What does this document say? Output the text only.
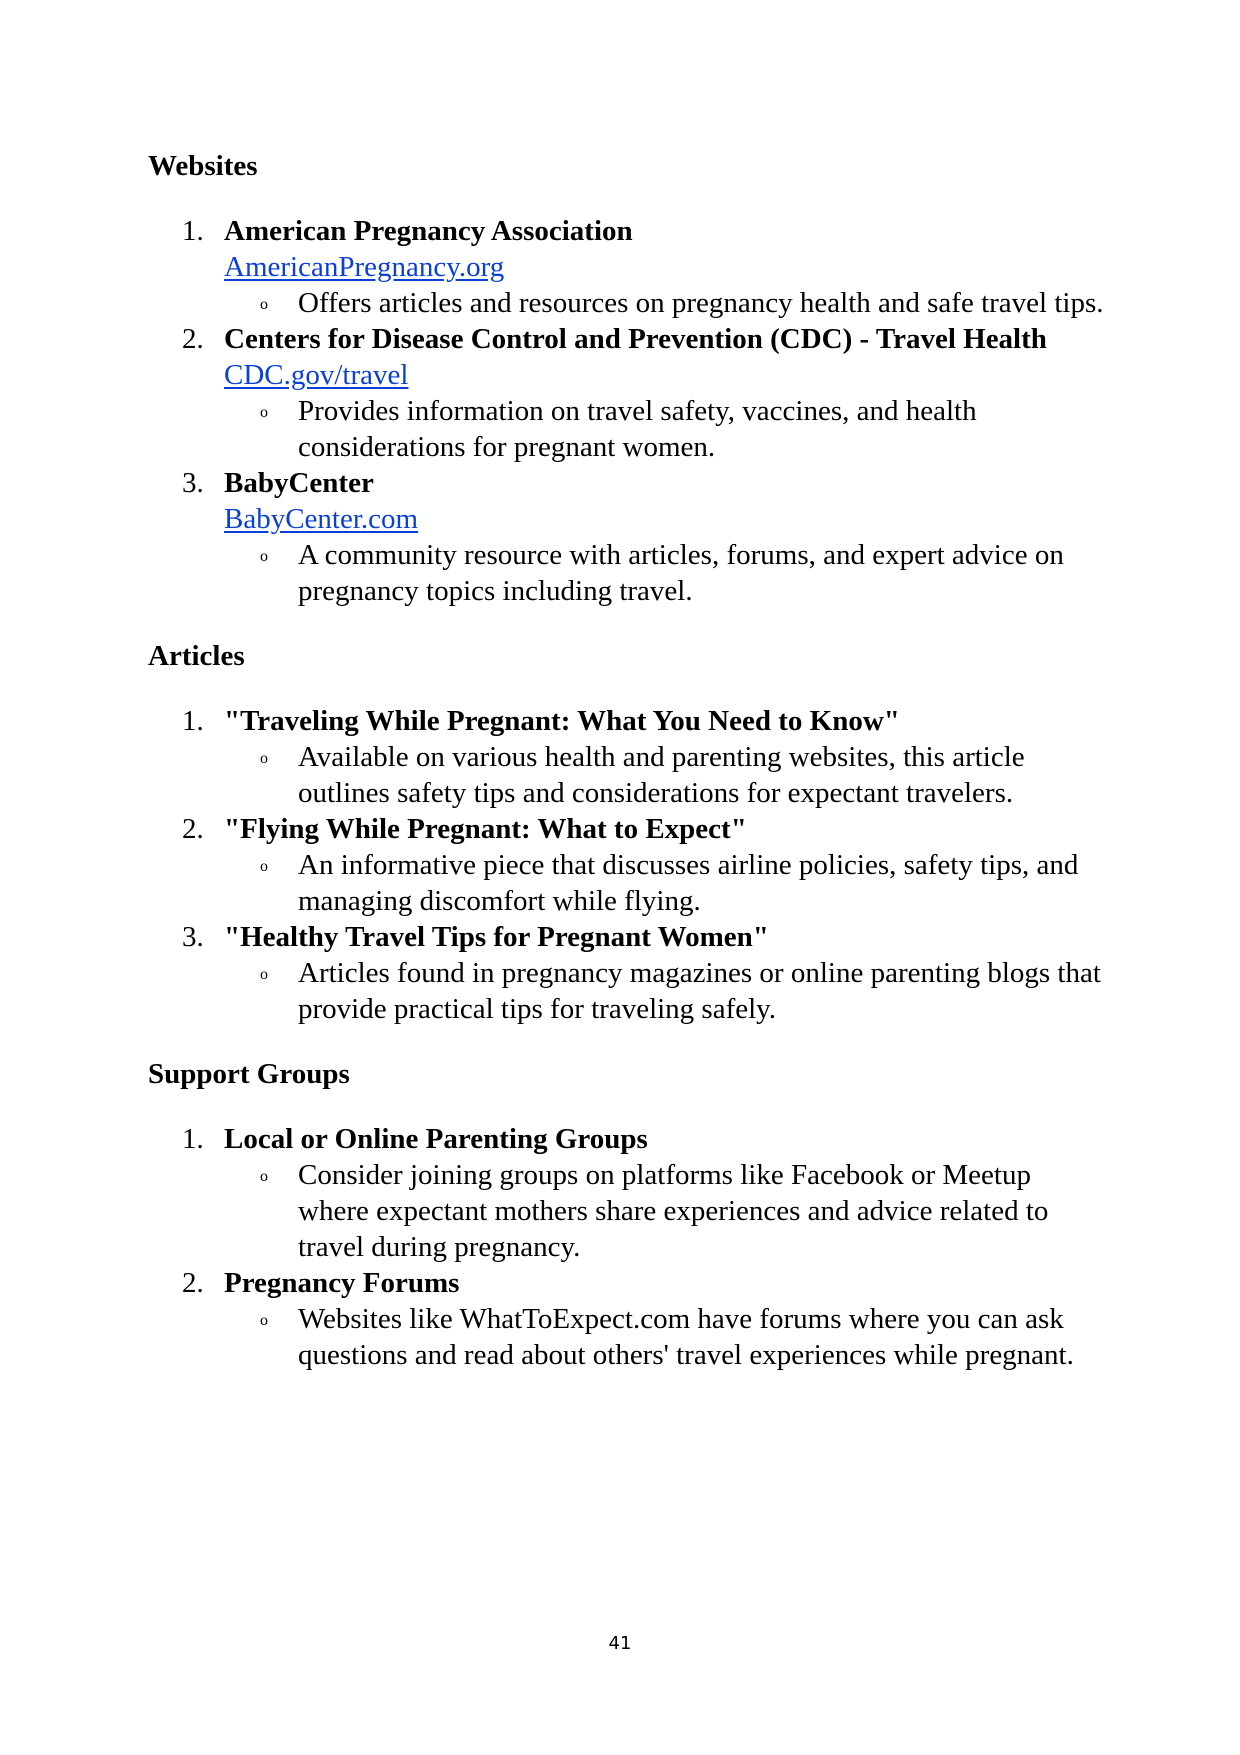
Websites
1. American Pregnancy Association
AmericanPregnancy.org
o Offers articles and resources on pregnancy health and safe travel tips.
2. Centers for Disease Control and Prevention (CDC) - Travel Health
CDC.gov/travel
o Provides information on travel safety, vaccines, and health considerations for pregnant women.
3. BabyCenter
BabyCenter.com
o A community resource with articles, forums, and expert advice on pregnancy topics including travel.
Articles
1. "Traveling While Pregnant: What You Need to Know"
o Available on various health and parenting websites, this article outlines safety tips and considerations for expectant travelers.
2. "Flying While Pregnant: What to Expect"
o An informative piece that discusses airline policies, safety tips, and managing discomfort while flying.
3. "Healthy Travel Tips for Pregnant Women"
o Articles found in pregnancy magazines or online parenting blogs that provide practical tips for traveling safely.
Support Groups
1. Local or Online Parenting Groups
o Consider joining groups on platforms like Facebook or Meetup where expectant mothers share experiences and advice related to travel during pregnancy.
2. Pregnancy Forums
o Websites like WhatToExpect.com have forums where you can ask questions and read about others' travel experiences while pregnant.
41
